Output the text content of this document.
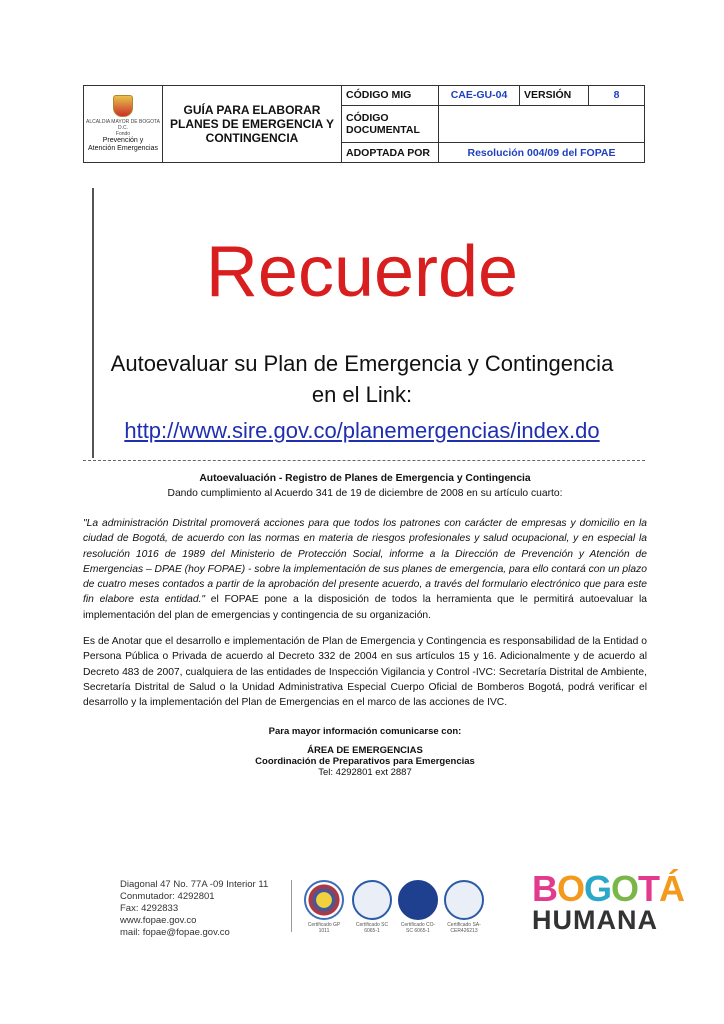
ALCALDIA MAYOR DE BOGOTA D.C.
Fondo
Prevención y
Atención Emergencias	GUÍA PARA ELABORAR PLANES DE EMERGENCIA Y CONTINGENCIA	CÓDIGO MIG	CAE-GU-04	VERSIÓN	8
		CÓDIGO DOCUMENTAL			
		ADOPTADA POR	Resolución 004/09 del FOPAE		
Recuerde
Autoevaluar su Plan de Emergencia y Contingencia
en el Link:
http://www.sire.gov.co/planemergencias/index.do
Autoevaluación - Registro de Planes de Emergencia y Contingencia
Dando cumplimiento al Acuerdo 341 de 19 de diciembre de 2008 en su artículo cuarto:
"La administración Distrital promoverá acciones para que todos los patrones con carácter de empresas y domicilio en la ciudad de Bogotá, de acuerdo con las normas en materia de riesgos profesionales y salud ocupacional, y en especial la resolución 1016 de 1989 del Ministerio de Protección Social, informe a la Dirección de Prevención y Atención de Emergencias – DPAE (hoy FOPAE) - sobre la implementación de sus planes de emergencia, para ello contará con un plazo de cuatro meses contados a partir de la aprobación del presente acuerdo, a través del formulario electrónico que para este fin elabore esta entidad." el FOPAE pone a la disposición de todos la herramienta que le permitirá autoevaluar la implementación del plan de emergencias y contingencia de su organización.
Es de Anotar que el desarrollo e implementación de Plan de Emergencia y Contingencia es responsabilidad de la Entidad o Persona Pública o Privada de acuerdo al Decreto 332 de 2004 en sus artículos 15 y 16. Adicionalmente y de acuerdo al Decreto 483 de 2007, cualquiera de las entidades de Inspección Vigilancia y Control -IVC: Secretaría Distrital de Ambiente, Secretaría Distrital de Salud o la Unidad Administrativa Especial Cuerpo Oficial de Bomberos Bogotá, podrá verificar el desarrollo y la implementación del Plan de Emergencias en el marco de las acciones de IVC.
Para mayor información comunicarse con:
ÁREA DE EMERGENCIAS
Coordinación de Preparativos para Emergencias
Tel: 4292801 ext 2887
Diagonal 47 No. 77A -09 Interior 11
Conmutador: 4292801
Fax: 4292833
www.fopae.gov.co
mail: fopae@fopae.gov.co
Certificado GP 1011
Certificado SC 6065-1
Certificado CO-SC 6065-1
Certificado SA-CER426213
BOGOTÁ
HUMANA
